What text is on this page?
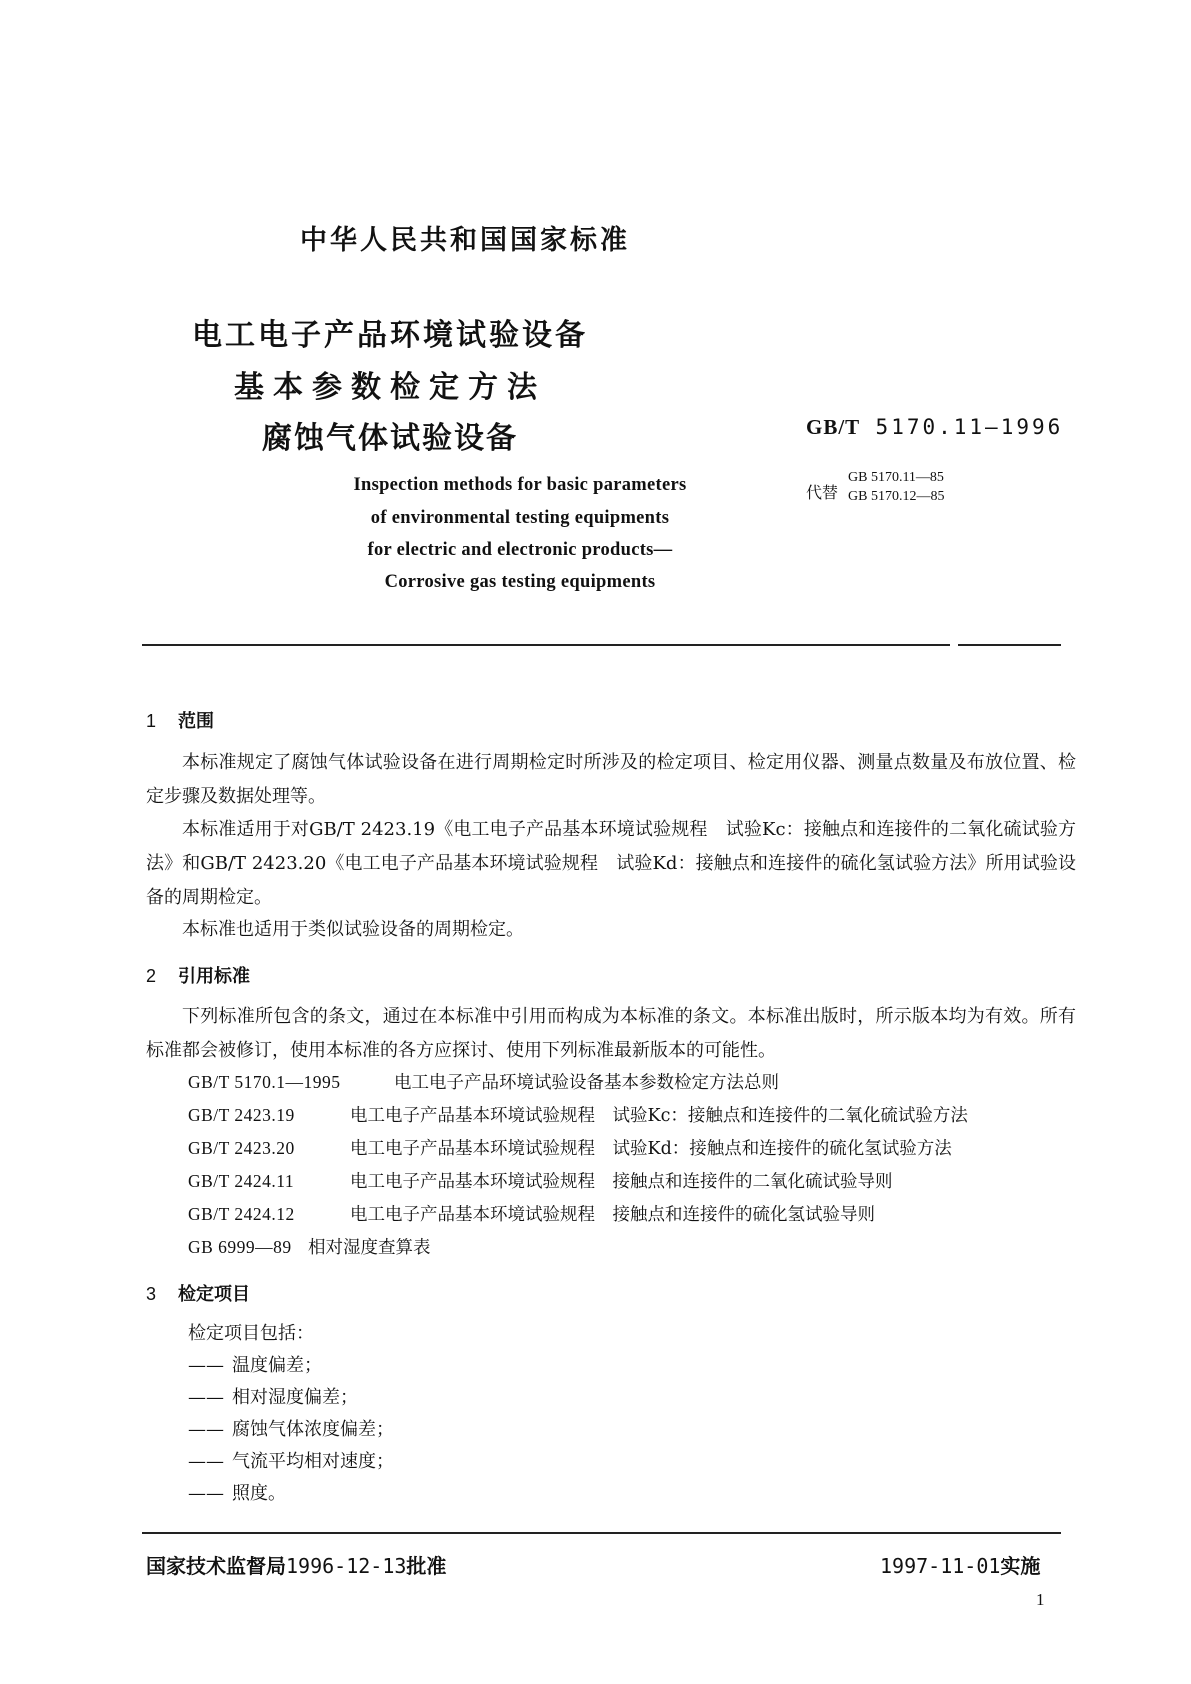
中华人民共和国国家标准
电工电子产品环境试验设备
基本参数检定方法
腐蚀气体试验设备	GB/T 5170.11—1996
代替
GB 5170.11—85
GB 5170.12—85
Inspection methods for basic parameters
of environmental testing equipments
for electric and electronic products—
Corrosive gas testing equipments
1 范围
本标准规定了腐蚀气体试验设备在进行周期检定时所涉及的检定项目、检定用仪器、测量点数量及布放位置、检定步骤及数据处理等。
本标准适用于对GB/T 2423.19《电工电子产品基本环境试验规程　试验Kc：接触点和连接件的二氧化硫试验方法》和GB/T 2423.20《电工电子产品基本环境试验规程　试验Kd：接触点和连接件的硫化氢试验方法》所用试验设备的周期检定。
本标准也适用于类似试验设备的周期检定。
2 引用标准
下列标准所包含的条文，通过在本标准中引用而构成为本标准的条文。本标准出版时，所示版本均为有效。所有标准都会被修订，使用本标准的各方应探讨、使用下列标准最新版本的可能性。
GB/T 5170.1—1995	电工电子产品环境试验设备基本参数检定方法总则
GB/T 2423.19	电工电子产品基本环境试验规程　试验Kc：接触点和连接件的二氧化硫试验方法
GB/T 2423.20	电工电子产品基本环境试验规程　试验Kd：接触点和连接件的硫化氢试验方法
GB/T 2424.11	电工电子产品基本环境试验规程　接触点和连接件的二氧化硫试验导则
GB/T 2424.12	电工电子产品基本环境试验规程　接触点和连接件的硫化氢试验导则
GB 6999—89 相对湿度查算表
3 检定项目
检定项目包括：
—— 温度偏差；
—— 相对湿度偏差；
—— 腐蚀气体浓度偏差；
—— 气流平均相对速度；
—— 照度。
国家技术监督局1996-12-13批准	1997-11-01实施
1
